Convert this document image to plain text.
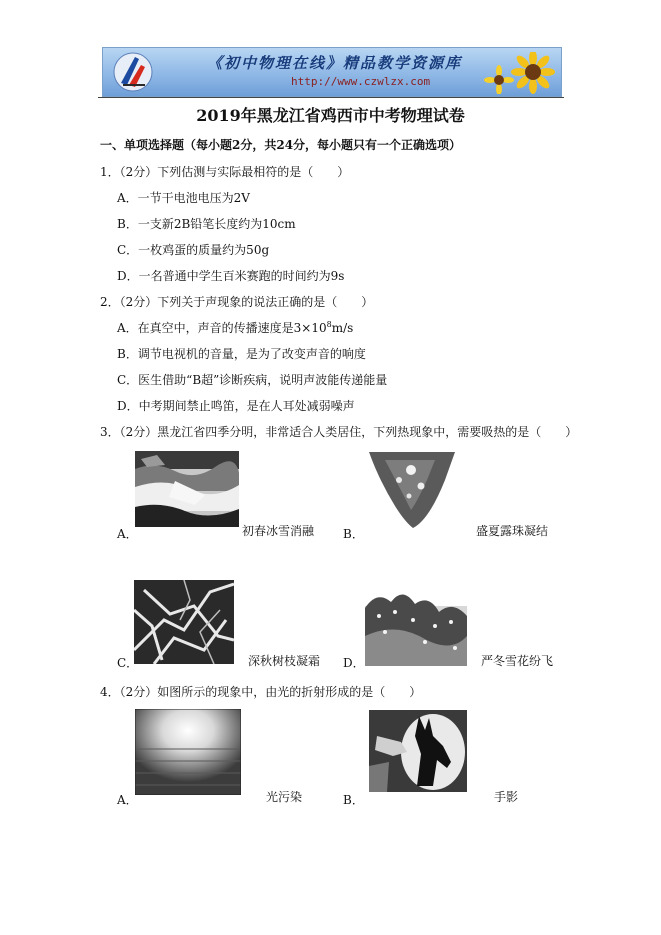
《初中物理在线》精品教学资源库
http://www.czwlzx.com
2019年黑龙江省鸡西市中考物理试卷
一、单项选择题（每小题2分，共24分，每小题只有一个正确选项）
1．（2分）下列估测与实际最相符的是（　　）
A．一节干电池电压为2V
B．一支新2B铅笔长度约为10cm
C．一枚鸡蛋的质量约为50g
D．一名普通中学生百米赛跑的时间约为9s
2．（2分）下列关于声现象的说法正确的是（　　）
A．在真空中，声音的传播速度是$3\times 10^8m/s$
B．调节电视机的音量，是为了改变声音的响度
C．医生借助“B超”诊断疾病，说明声波能传递能量
D．中考期间禁止鸣笛，是在人耳处减弱噪声
3．（2分）黑龙江省四季分明，非常适合人类居住，下列热现象中，需要吸热的是（　　）
A．	初春冰雪消融 B．	盛夏露珠凝结
C．	深秋树枝凝霜 D．	严冬雪花纷飞
4．（2分）如图所示的现象中，由光的折射形成的是（　　）
A．	光污染	B．	手影
